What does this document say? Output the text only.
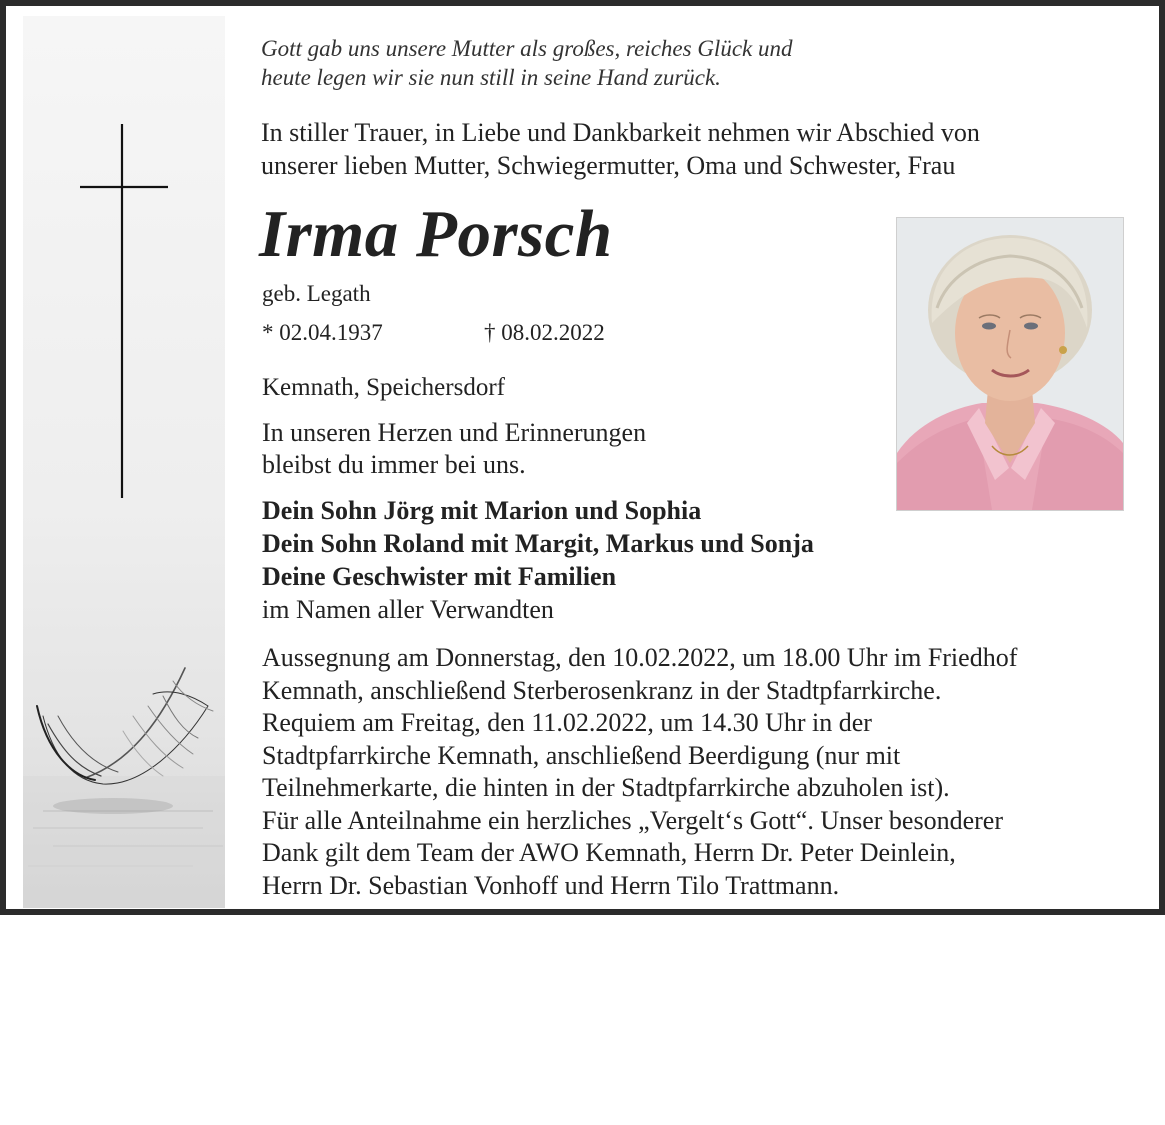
Gott gab uns unsere Mutter als großes, reiches Glück und
heute legen wir sie nun still in seine Hand zurück.
In stiller Trauer, in Liebe und Dankbarkeit nehmen wir Abschied von
unserer lieben Mutter, Schwiegermutter, Oma und Schwester, Frau
Irma Porsch
geb. Legath
* 02.04.1937	† 08.02.2022
Kemnath, Speichersdorf
In unseren Herzen und Erinnerungen
bleibst du immer bei uns.
Dein Sohn Jörg mit Marion und Sophia
Dein Sohn Roland mit Margit, Markus und Sonja
Deine Geschwister mit Familien
im Namen aller Verwandten
Aussegnung am Donnerstag, den 10.02.2022, um 18.00 Uhr im Friedhof
Kemnath, anschließend Sterberosenkranz in der Stadtpfarrkirche.
Requiem am Freitag, den 11.02.2022, um 14.30 Uhr in der
Stadtpfarrkirche Kemnath, anschließend Beerdigung (nur mit
Teilnehmerkarte, die hinten in der Stadtpfarrkirche abzuholen ist).
Für alle Anteilnahme ein herzliches „Vergelt‘s Gott“. Unser besonderer
Dank gilt dem Team der AWO Kemnath, Herrn Dr. Peter Deinlein,
Herrn Dr. Sebastian Vonhoff und Herrn Tilo Trattmann.
